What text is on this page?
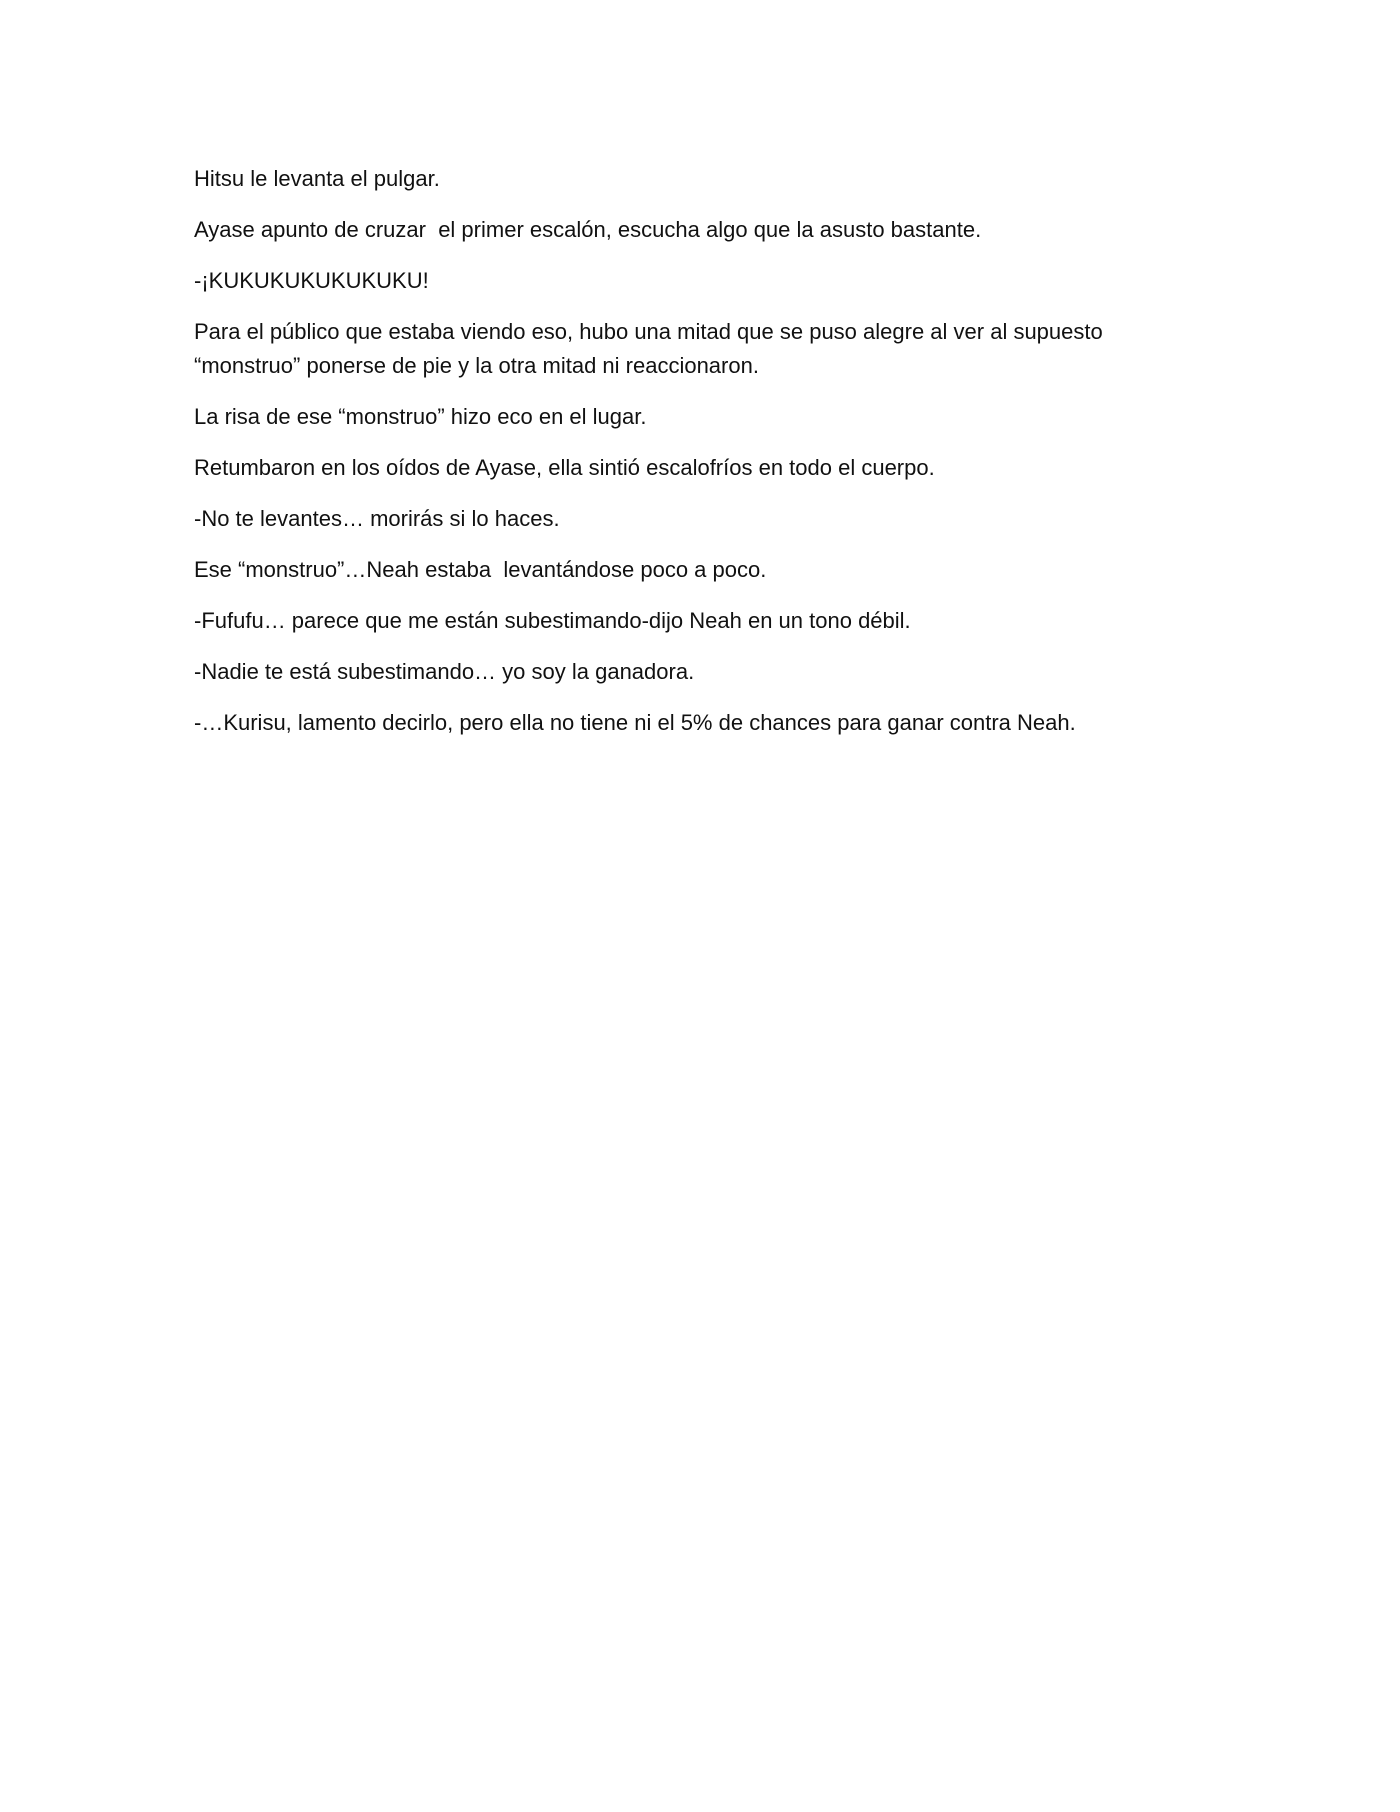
Hitsu le levanta el pulgar.

Ayase apunto de cruzar  el primer escalón, escucha algo que la asusto bastante.

-¡KUKUKUKUKUKUKU!

Para el público que estaba viendo eso, hubo una mitad que se puso alegre al ver al supuesto “monstruo” ponerse de pie y la otra mitad ni reaccionaron.

La risa de ese “monstruo” hizo eco en el lugar.

Retumbaron en los oídos de Ayase, ella sintió escalofríos en todo el cuerpo.

-No te levantes… morirás si lo haces.

Ese “monstruo”…Neah estaba  levantándose poco a poco.

-Fufufu… parece que me están subestimando-dijo Neah en un tono débil.

-Nadie te está subestimando… yo soy la ganadora.

-…Kurisu, lamento decirlo, pero ella no tiene ni el 5% de chances para ganar contra Neah.
